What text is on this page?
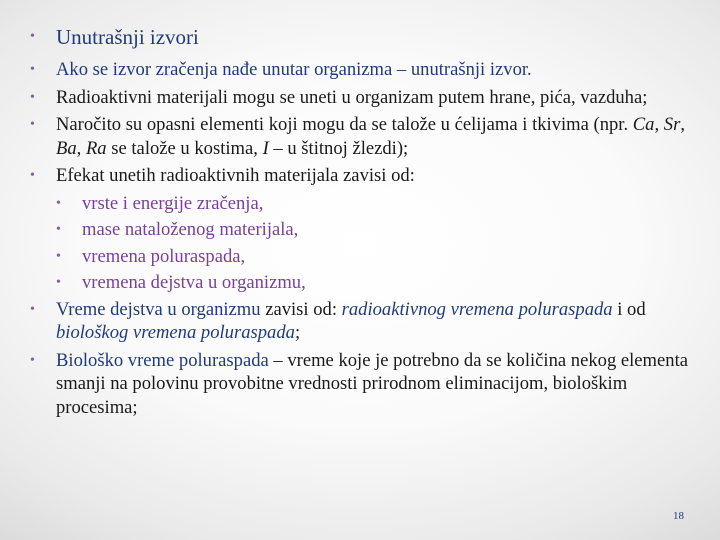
• Unutrašnji izvori
• Ako se izvor zračenja nađe unutar organizma – unutrašnji izvor.
• Radioaktivni materijali mogu se uneti u organizam putem hrane, pića, vazduha;
• Naročito su opasni elementi koji mogu da se talože u ćelijama i tkivima (npr. Ca, Sr, Ba, Ra se talože u kostima, I – u štitnoj žlezdi);
• Efekat unetih radioaktivnih materijala zavisi od:
• vrste i energije zračenja,
• mase nataloženog materijala,
• vremena poluraspada,
• vremena dejstva u organizmu,
• Vreme dejstva u organizmu zavisi od: radioaktivnog vremena poluraspada i od biološkog vremena poluraspada;
• Biološko vreme poluraspada – vreme koje je potrebno da se količina nekog elementa smanji na polovinu provobitne vrednosti prirodnom eliminacijom, biološkim procesima;
18
